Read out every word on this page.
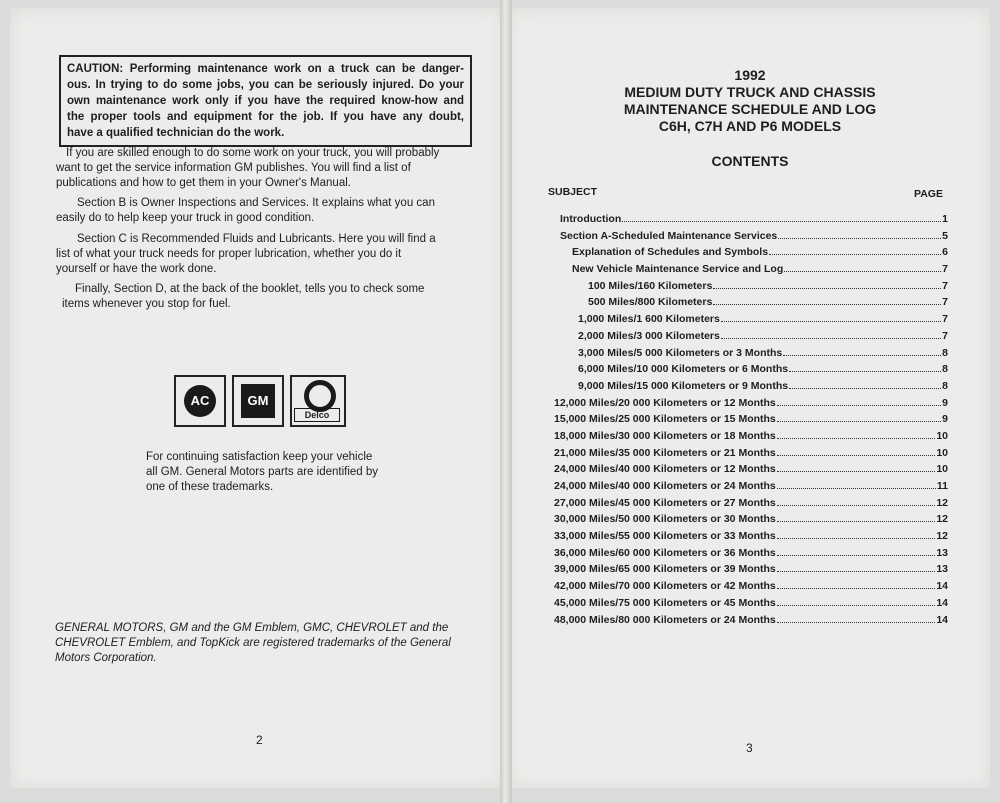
CAUTION: Performing maintenance work on a truck can be danger-
ous. In trying to do some jobs, you can be seriously injured. Do your
own maintenance work only if you have the required know-how and
the proper tools and equipment for the job. If you have any doubt,
have a qualified technician do the work.
If you are skilled enough to do some work on your truck, you will probably
want to get the service information GM publishes. You will find a list of
publications and how to get them in your Owner's Manual.
Section B is Owner Inspections and Services. It explains what you can
easily do to help keep your truck in good condition.
Section C is Recommended Fluids and Lubricants. Here you will find a
list of what your truck needs for proper lubrication, whether you do it
yourself or have the work done.
Finally, Section D, at the back of the booklet, tells you to check some
items whenever you stop for fuel.
AC	GM
Delco
For continuing satisfaction keep your vehicle
all GM. General Motors parts are identified by
one of these trademarks.
GENERAL MOTORS, GM and the GM Emblem, GMC, CHEVROLET and the
CHEVROLET Emblem, and TopKick are registered trademarks of the General
Motors Corporation.
2
1992
MEDIUM DUTY TRUCK AND CHASSIS
MAINTENANCE SCHEDULE AND LOG
C6H, C7H AND P6 MODELS
CONTENTS
SUBJECT	PAGE
Introduction	1
Section A-Scheduled Maintenance Services	5
Explanation of Schedules and Symbols	6
New Vehicle Maintenance Service and Log	7
100 Miles/160 Kilometers	7
500 Miles/800 Kilometers	7
1,000 Miles/1 600 Kilometers	7
2,000 Miles/3 000 Kilometers	7
3,000 Miles/5 000 Kilometers or 3 Months	8
6,000 Miles/10 000 Kilometers or 6 Months	8
9,000 Miles/15 000 Kilometers or 9 Months	8
12,000 Miles/20 000 Kilometers or 12 Months	9
15,000 Miles/25 000 Kilometers or 15 Months	9
18,000 Miles/30 000 Kilometers or 18 Months	10
21,000 Miles/35 000 Kilometers or 21 Months	10
24,000 Miles/40 000 Kilometers or 12 Months	10
24,000 Miles/40 000 Kilometers or 24 Months	11
27,000 Miles/45 000 Kilometers or 27 Months	12
30,000 Miles/50 000 Kilometers or 30 Months	12
33,000 Miles/55 000 Kilometers or 33 Months	12
36,000 Miles/60 000 Kilometers or 36 Months	13
39,000 Miles/65 000 Kilometers or 39 Months	13
42,000 Miles/70 000 Kilometers or 42 Months	14
45,000 Miles/75 000 Kilometers or 45 Months	14
48,000 Miles/80 000 Kilometers or 24 Months	14
3
